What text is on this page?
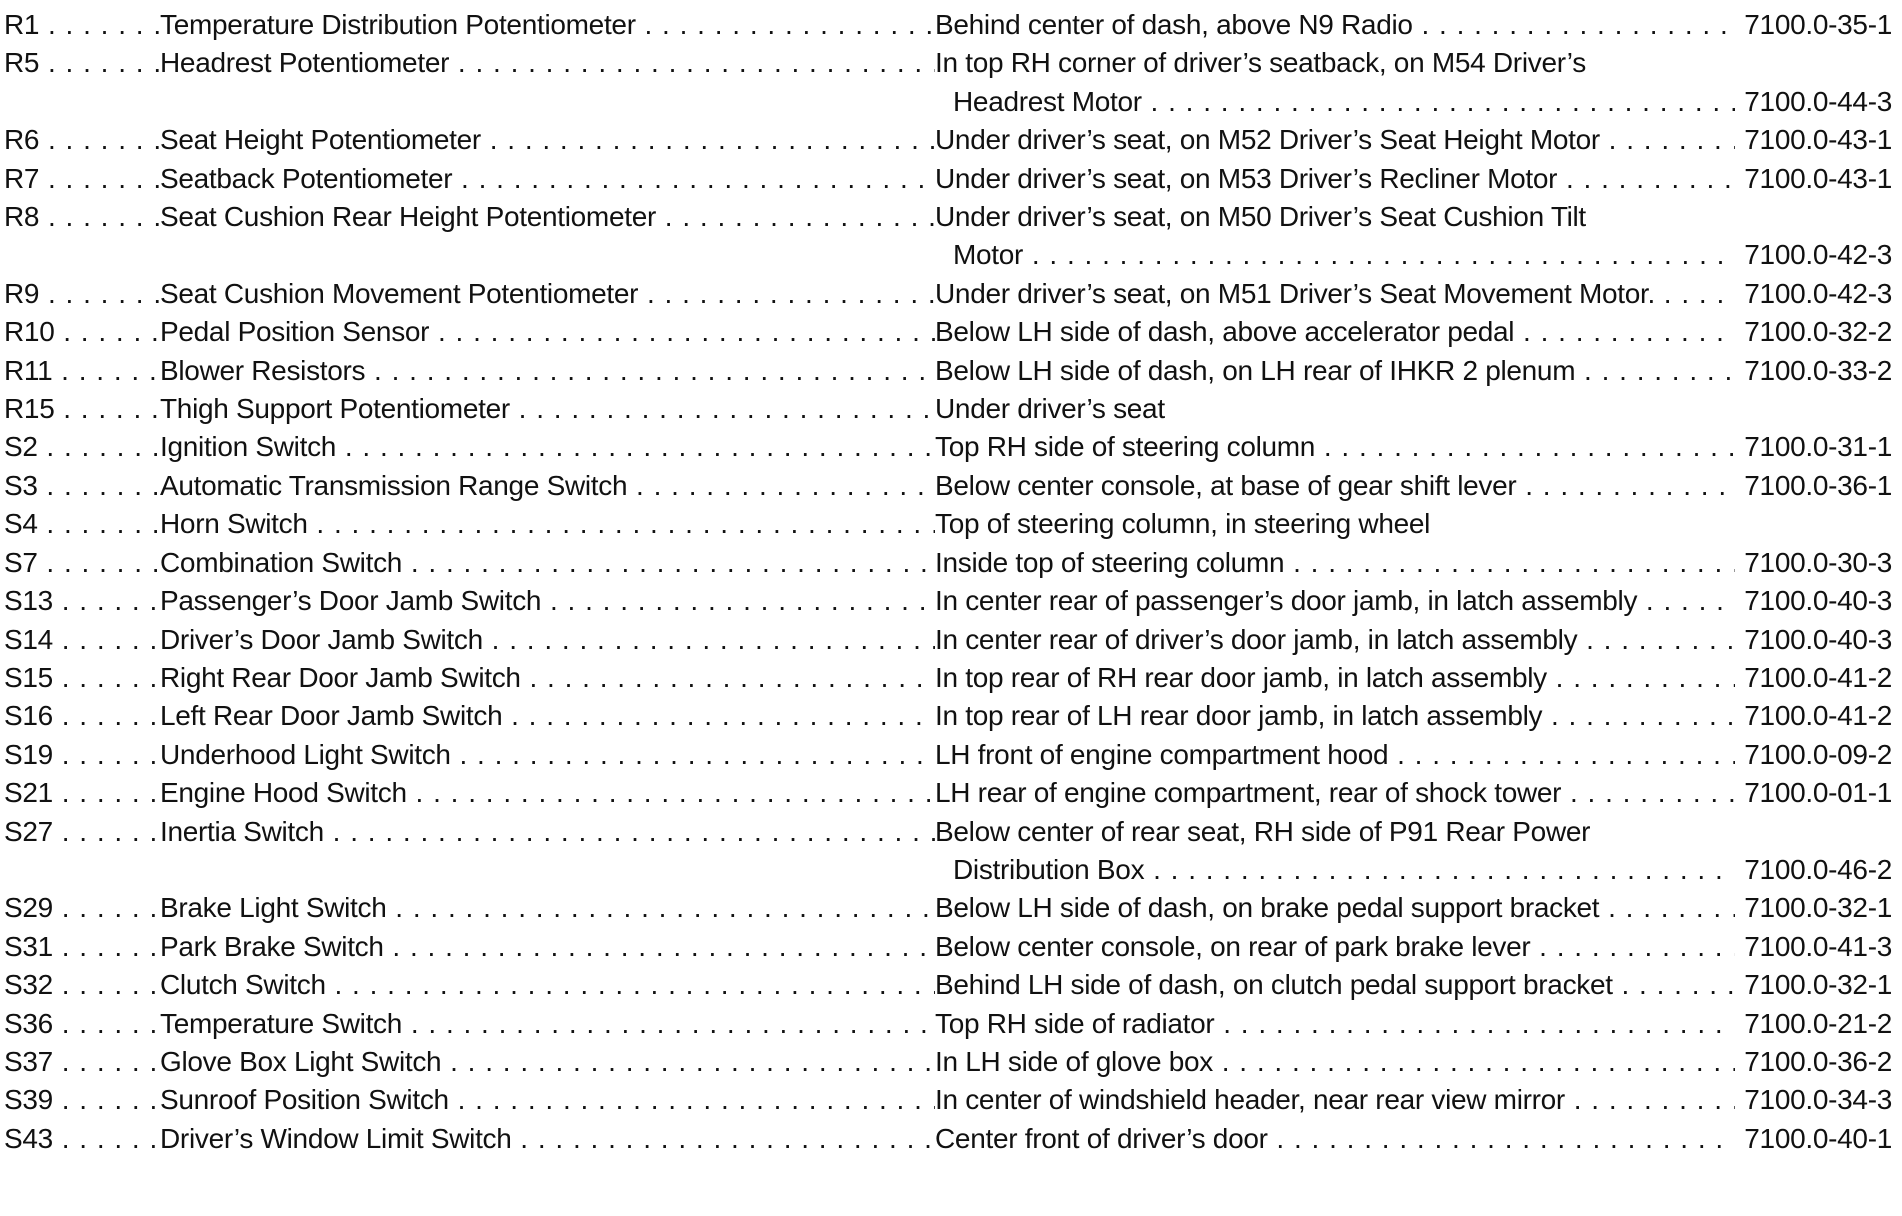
R1 . . .	Temperature Distribution Potentiometer . . .	Behind center of dash, above N9 Radio . . .	7100.0-35-1
R5 . . .	Headrest Potentiometer . . .	In top RH corner of driver’s seatback, on M54 Driver’s
Headrest Motor . . .	7100.0-44-3
R6 . . .	Seat Height Potentiometer . . .	Under driver’s seat, on M52 Driver’s Seat Height Motor . . .	7100.0-43-1
R7 . . .	Seatback Potentiometer . . .	Under driver’s seat, on M53 Driver’s Recliner Motor . . .	7100.0-43-1
R8 . . .	Seat Cushion Rear Height Potentiometer . . .	Under driver’s seat, on M50 Driver’s Seat Cushion Tilt
Motor . . .	7100.0-42-3
R9 . . .	Seat Cushion Movement Potentiometer . . .	Under driver’s seat, on M51 Driver’s Seat Movement Motor. . . .	7100.0-42-3
R10 . . .	Pedal Position Sensor . . .	Below LH side of dash, above accelerator pedal . . .	7100.0-32-2
R11 . . .	Blower Resistors . . .	Below LH side of dash, on LH rear of IHKR 2 plenum . . .	7100.0-33-2
R15 . . .	Thigh Support Potentiometer . . .	Under driver’s seat
S2 . . .	Ignition Switch . . .	Top RH side of steering column . . .	7100.0-31-1
S3 . . .	Automatic Transmission Range Switch . . .	Below center console, at base of gear shift lever . . .	7100.0-36-1
S4 . . .	Horn Switch . . .	Top of steering column, in steering wheel
S7 . . .	Combination Switch . . .	Inside top of steering column . . .	7100.0-30-3
S13 . . .	Passenger’s Door Jamb Switch . . .	In center rear of passenger’s door jamb, in latch assembly . . .	7100.0-40-3
S14 . . .	Driver’s Door Jamb Switch . . .	In center rear of driver’s door jamb, in latch assembly . . .	7100.0-40-3
S15 . . .	Right Rear Door Jamb Switch . . .	In top rear of RH rear door jamb, in latch assembly . . .	7100.0-41-2
S16 . . .	Left Rear Door Jamb Switch . . .	In top rear of LH rear door jamb, in latch assembly . . .	7100.0-41-2
S19 . . .	Underhood Light Switch . . .	LH front of engine compartment hood . . .	7100.0-09-2
S21 . . .	Engine Hood Switch . . .	LH rear of engine compartment, rear of shock tower . . .	7100.0-01-1
S27 . . .	Inertia Switch . . .	Below center of rear seat, RH side of P91 Rear Power
Distribution Box . . .	7100.0-46-2
S29 . . .	Brake Light Switch . . .	Below LH side of dash, on brake pedal support bracket . . .	7100.0-32-1
S31 . . .	Park Brake Switch . . .	Below center console, on rear of park brake lever . . .	7100.0-41-3
S32 . . .	Clutch Switch . . .	Behind LH side of dash, on clutch pedal support bracket . . .	7100.0-32-1
S36 . . .	Temperature Switch . . .	Top RH side of radiator . . .	7100.0-21-2
S37 . . .	Glove Box Light Switch . . .	In LH side of glove box . . .	7100.0-36-2
S39 . . .	Sunroof Position Switch . . .	In center of windshield header, near rear view mirror . . .	7100.0-34-3
S43 . . .	Driver’s Window Limit Switch . . .	Center front of driver’s door . . .	7100.0-40-1
